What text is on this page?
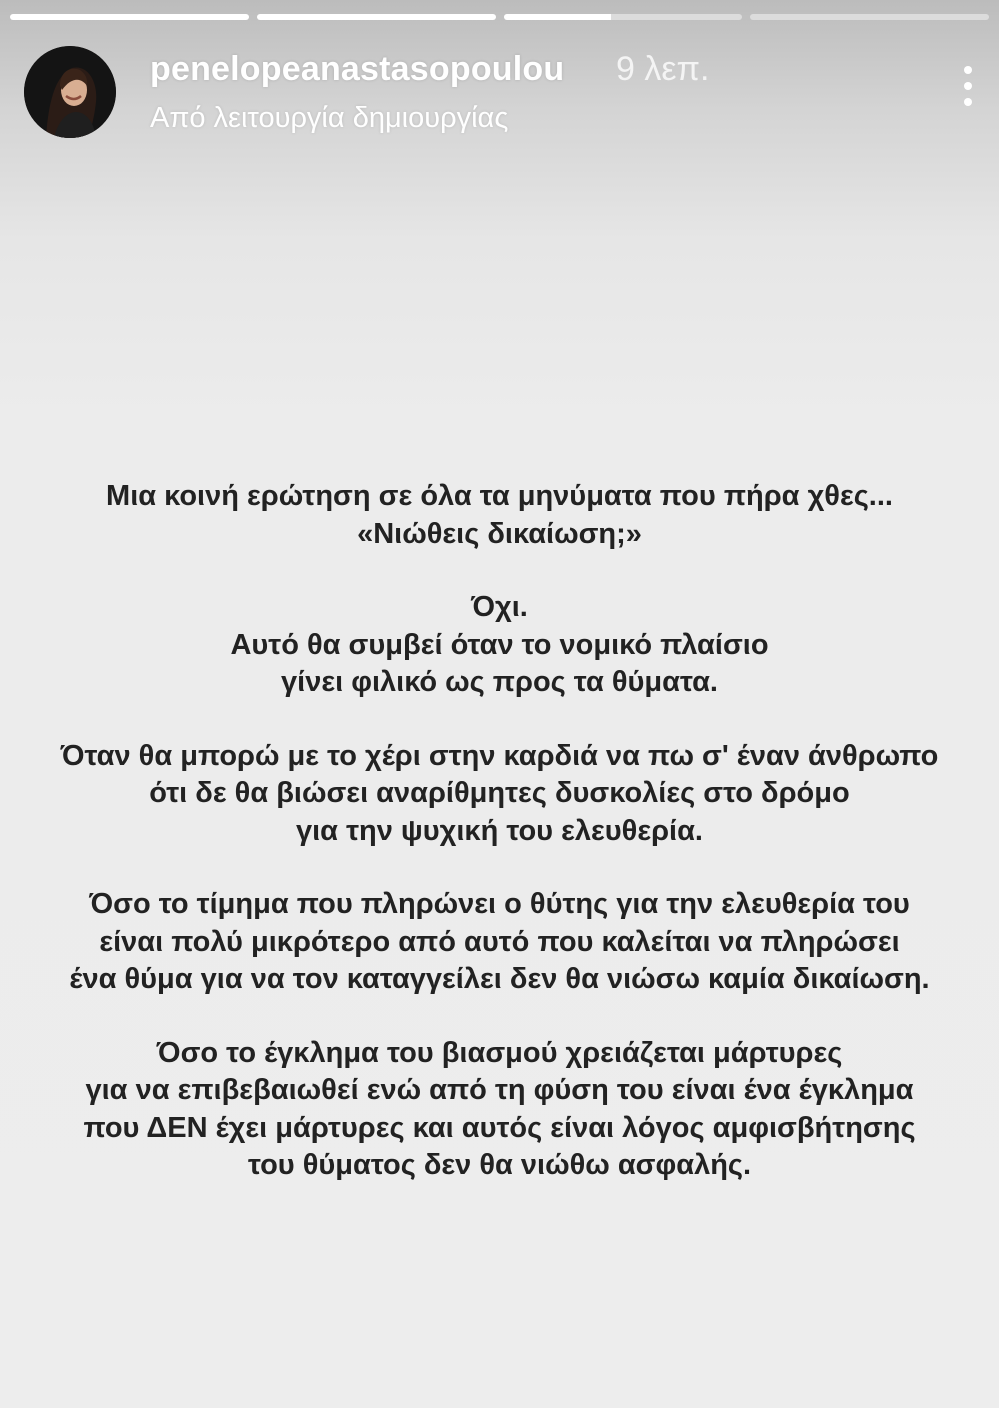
penelopeanastasopoulou 9 λεπ.
Από λειτουργία δημιουργίας
Μια κοινή ερώτηση σε όλα τα μηνύματα που πήρα χθες...
«Νιώθεις δικαίωση;»
Όχι.
Αυτό θα συμβεί όταν το νομικό πλαίσιο
γίνει φιλικό ως προς τα θύματα.
Όταν θα μπορώ με το χέρι στην καρδιά να πω σ' έναν άνθρωπο
ότι δε θα βιώσει αναρίθμητες δυσκολίες στο δρόμο
για την ψυχική του ελευθερία.
Όσο το τίμημα που πληρώνει ο θύτης για την ελευθερία του
είναι πολύ μικρότερο από αυτό που καλείται να πληρώσει
ένα θύμα για να τον καταγγείλει δεν θα νιώσω καμία δικαίωση.
Όσο το έγκλημα του βιασμού χρειάζεται μάρτυρες
για να επιβεβαιωθεί ενώ από τη φύση του είναι ένα έγκλημα
που ΔΕΝ έχει μάρτυρες και αυτός είναι λόγος αμφισβήτησης
του θύματος δεν θα νιώθω ασφαλής.
